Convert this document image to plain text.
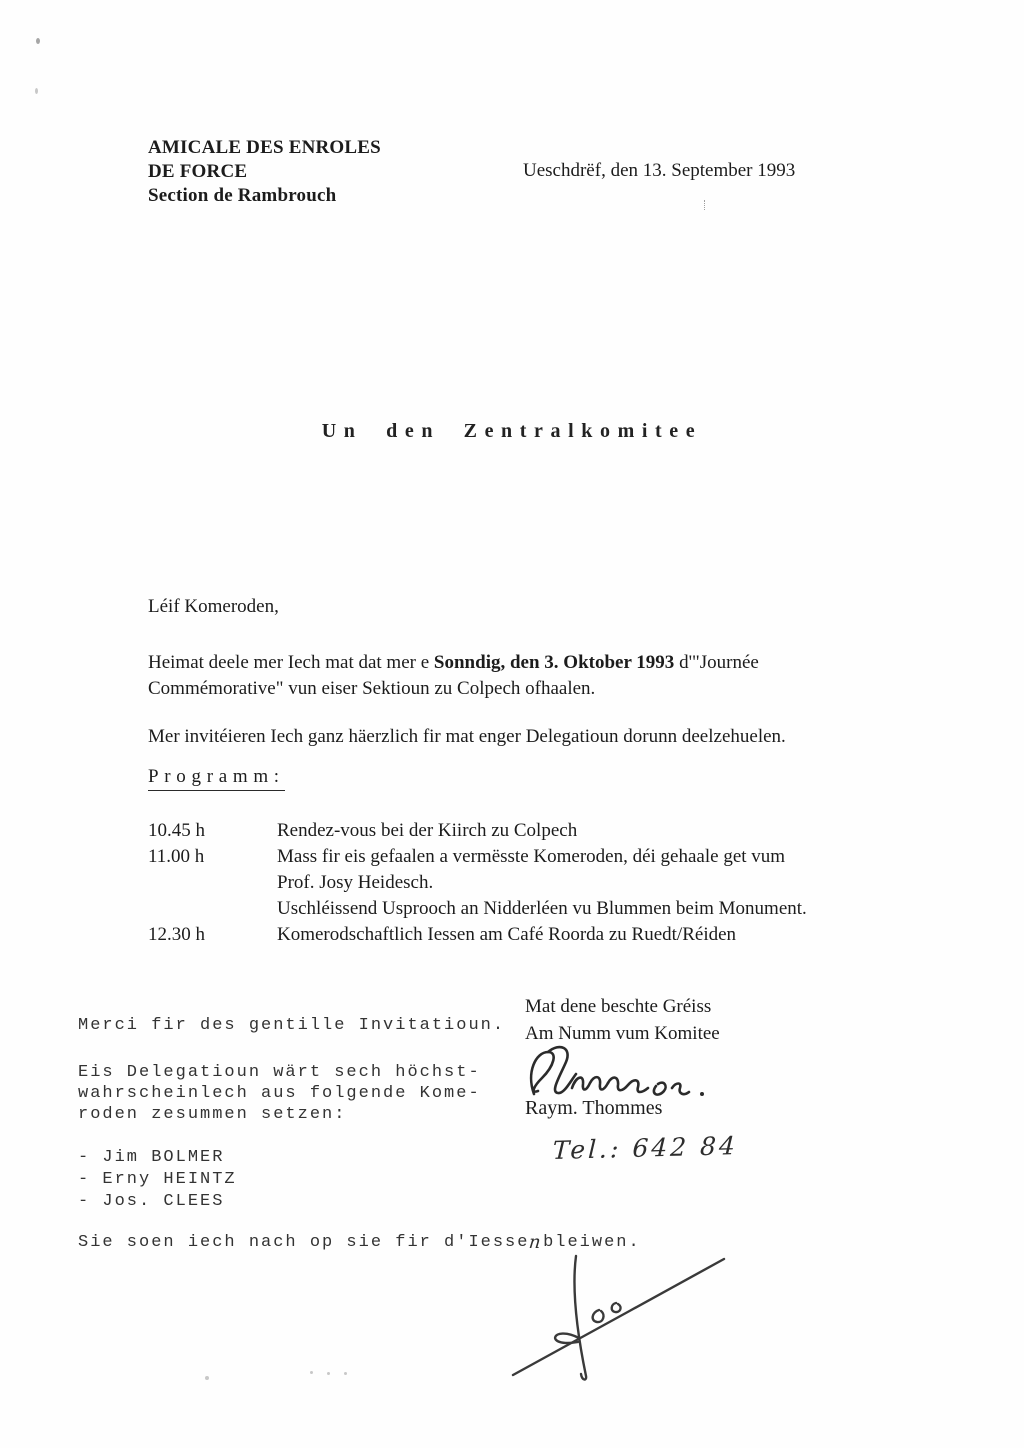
AMICALE DES ENROLES
DE FORCE
Section de Rambrouch
Ueschdrëf, den 13. September 1993
Un den Zentralkomitee
Léif Komeroden,
Heimat deele mer Iech mat dat mer e Sonndig, den 3. Oktober 1993 d'"Journée
Commémorative" vun eiser Sektioun zu Colpech ofhaalen.
Mer invitéieren Iech ganz häerzlich fir mat enger Delegatioun dorunn deelzehuelen.
Programm:
10.45 h	Rendez-vous bei der Kiirch zu Colpech
11.00 h	Mass fir eis gefaalen a vermësste Komeroden, déi gehaale get vum
Prof. Josy Heidesch.
Uschléissend Usprooch an Nidderléen vu Blummen beim Monument.
12.30 h	Komerodschaftlich Iessen am Café Roorda zu Ruedt/Réiden
Mat dene beschte Gréiss
Am Numm vum Komitee
Raym. Thommes
Tel.: 642 84
Merci fir des gentille Invitatioun.
Eis Delegatioun wärt sech höchst-
wahrscheinlech aus folgende Kome-
roden zesummen setzen:
- Jim BOLMER
- Erny HEINTZ
- Jos. CLEES
Sie soen iech nach op sie fir d'Iessenbleiwen.
